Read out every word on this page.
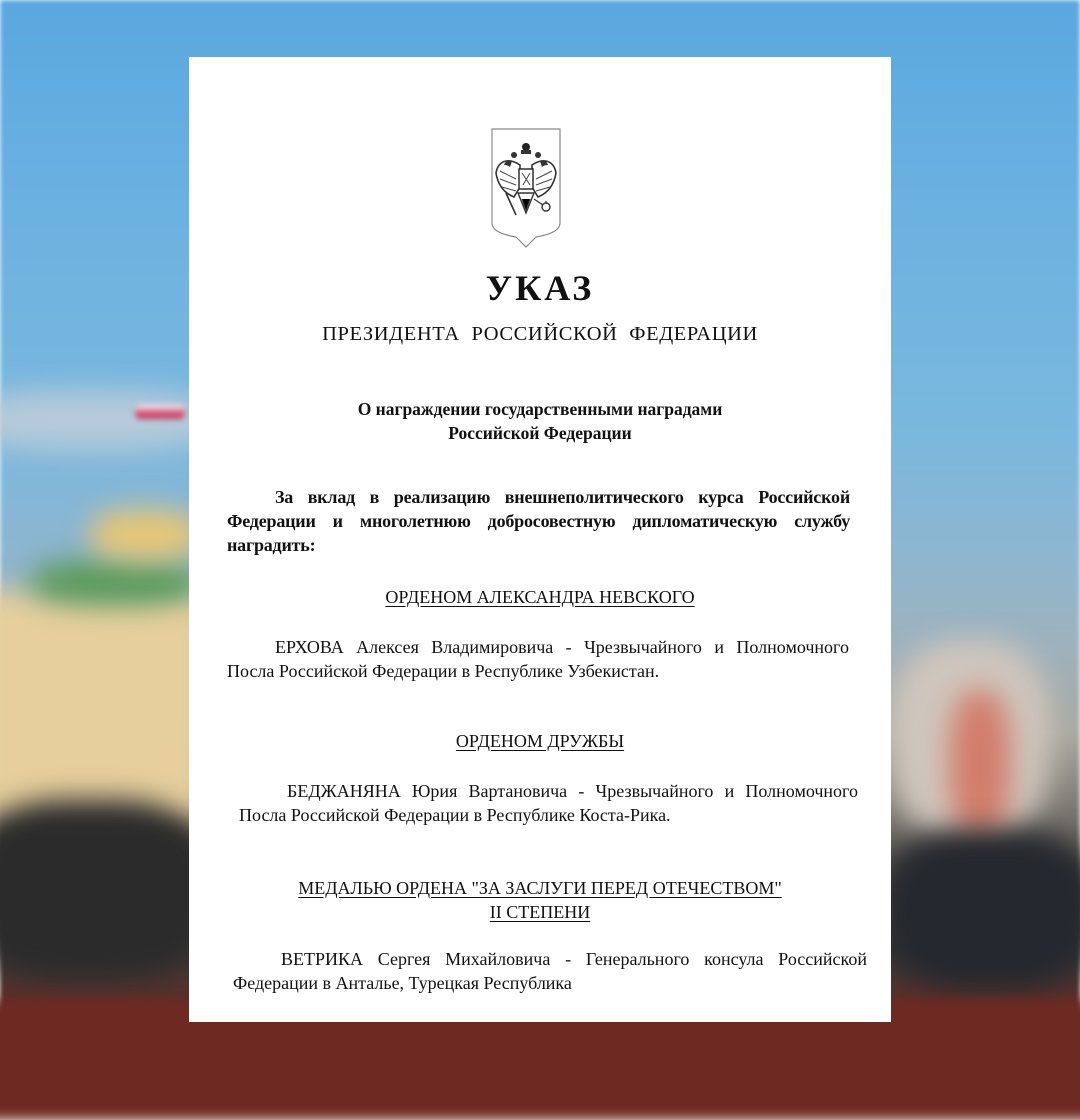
УКАЗ
ПРЕЗИДЕНТА РОССИЙСКОЙ ФЕДЕРАЦИИ
О награждении государственными наградами
Российской Федерации
За вклад в реализацию внешнеполитического курса Российской Федерации и многолетнюю добросовестную дипломатическую службу наградить:
ОРДЕНОМ АЛЕКСАНДРА НЕВСКОГО
ЕРХОВА Алексея Владимировича - Чрезвычайного и Полномочного Посла Российской Федерации в Республике Узбекистан.
ОРДЕНОМ ДРУЖБЫ
БЕДЖАНЯНА Юрия Вартановича - Чрезвычайного и Полномочного Посла Российской Федерации в Республике Коста-Рика.
МЕДАЛЬЮ ОРДЕНА "ЗА ЗАСЛУГИ ПЕРЕД ОТЕЧЕСТВОМ"
II СТЕПЕНИ
ВЕТРИКА Сергея Михайловича - Генерального консула Российской Федерации в Анталье, Турецкая Республика
